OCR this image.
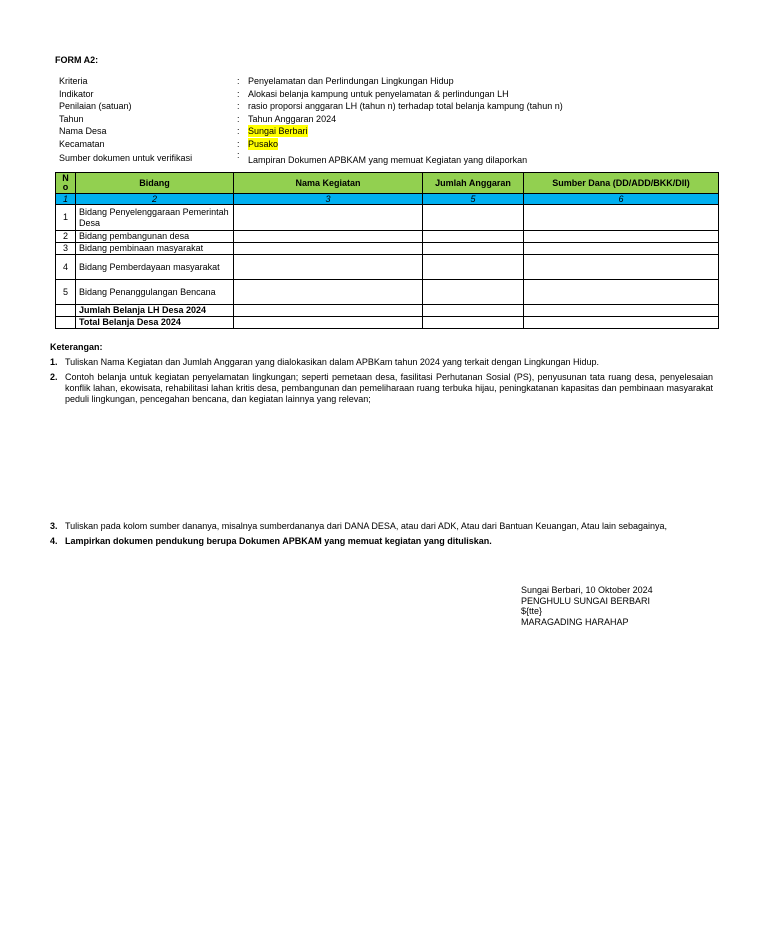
FORM A2:
Kriteria	: Penyelamatan dan Perlindungan Lingkungan Hidup
Indikator	: Alokasi belanja kampung untuk penyelamatan & perlindungan LH
Penilaian (satuan)	: rasio proporsi anggaran LH (tahun n) terhadap total belanja kampung (tahun n)
Tahun	: Tahun Anggaran 2024
Nama Desa	: Sungai Berbari
Kecamatan	: Pusako
Sumber dokumen untuk verifikasi	: Lampiran Dokumen APBKAM yang memuat Kegiatan yang dilaporkan
N o	Bidang	Nama Kegiatan	Jumlah Anggaran	Sumber Dana (DD/ADD/BKK/DII)
1	2	3	5	6
1	Bidang Penyelenggaraan Pemerintah Desa			
2	Bidang pembangunan desa			
3	Bidang pembinaan masyarakat			
4	Bidang Pemberdayaan masyarakat			
5	Bidang Penanggulangan Bencana			
	Jumlah Belanja LH Desa 2024			
	Total Belanja Desa 2024			
Keterangan:
1. Tuliskan Nama Kegiatan dan Jumlah Anggaran yang dialokasikan dalam APBKam tahun 2024 yang terkait dengan Lingkungan Hidup.
2. Contoh belanja untuk kegiatan penyelamatan lingkungan; seperti pemetaan desa, fasilitasi Perhutanan Sosial (PS), penyusunan tata ruang desa, penyelesaian konflik lahan, ekowisata, rehabilitasi lahan kritis desa, pembangunan dan pemeliharaan ruang terbuka hijau, peningkatanan kapasitas dan pembinaan masyarakat peduli lingkungan, pencegahan bencana, dan kegiatan lainnya yang relevan;
3. Tuliskan pada kolom sumber dananya, misalnya sumberdananya dari DANA DESA, atau dari ADK, Atau dari Bantuan Keuangan, Atau lain sebagainya,
4. Lampirkan dokumen pendukung berupa Dokumen APBKAM yang memuat kegiatan yang dituliskan.
Sungai Berbari, 10 Oktober 2024
PENGHULU SUNGAI BERBARI
${tte}
MARAGADING HARAHAP
